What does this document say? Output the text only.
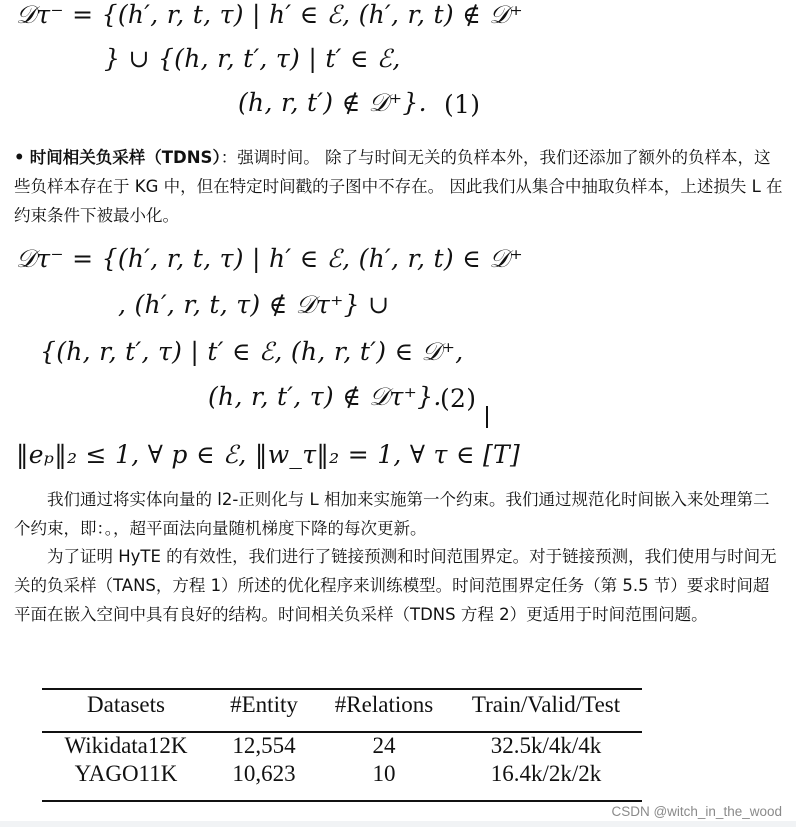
𝒟τ⁻ = {(h′, r, t, τ) | h′ ∈ ℰ, (h′, r, t) ∉ 𝒟⁺
} ∪ {(h, r, t′, τ) | t′ ∈ ℰ,
(h, r, t′) ∉ 𝒟⁺}. (1)
• 时间相关负采样（TDNS）：强调时间。 除了与时间无关的负样本外，我们还添加了额外的负样本，这些负样本存在于 KG 中，但在特定时间戳的子图中不存在。 因此我们从集合中抽取负样本，上述损失 L 在约束条件下被最小化。
𝒟τ⁻ = {(h′, r, t, τ) | h′ ∈ ℰ, (h′, r, t) ∈ 𝒟⁺
, (h′, r, t, τ) ∉ 𝒟τ⁺} ∪
{(h, r, t′, τ) | t′ ∈ ℰ, (h, r, t′) ∈ 𝒟⁺,
(h, r, t′, τ) ∉ 𝒟τ⁺}.
(2)
‖eₚ‖₂ ≤ 1, ∀ p ∈ ℰ, ‖w_τ‖₂ = 1, ∀ τ ∈ [T]
我们通过将实体向量的 l2-正则化与 L 相加来实施第一个约束。我们通过规范化时间嵌入来处理第二个约束，即：。，超平面法向量随机梯度下降的每次更新。
为了证明 HyTE 的有效性，我们进行了链接预测和时间范围界定。对于链接预测，我们使用与时间无关的负采样（TANS，方程 1）所述的优化程序来训练模型。时间范围界定任务（第 5.5 节）要求时间超平面在嵌入空间中具有良好的结构。时间相关负采样（TDNS 方程 2）更适用于时间范围问题。
Datasets	#Entity	#Relations	Train/Valid/Test
Wikidata12K	12,554	24	32.5k/4k/4k
YAGO11K	10,623	10	16.4k/2k/2k
CSDN @witch_in_the_wood
